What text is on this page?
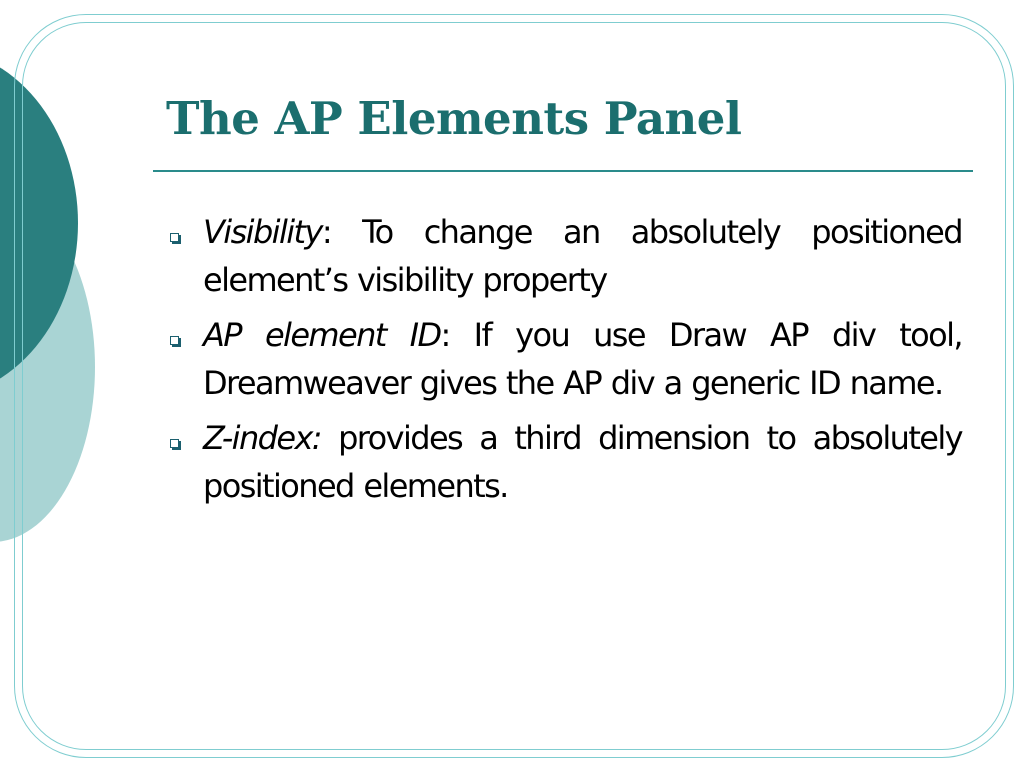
The AP Elements Panel
Visibility: To change an absolutely positioned element’s visibility property
AP element ID: If you use Draw AP div tool, Dreamweaver gives the AP div a generic ID name.
Z-index: provides a third dimension to absolutely positioned elements.
